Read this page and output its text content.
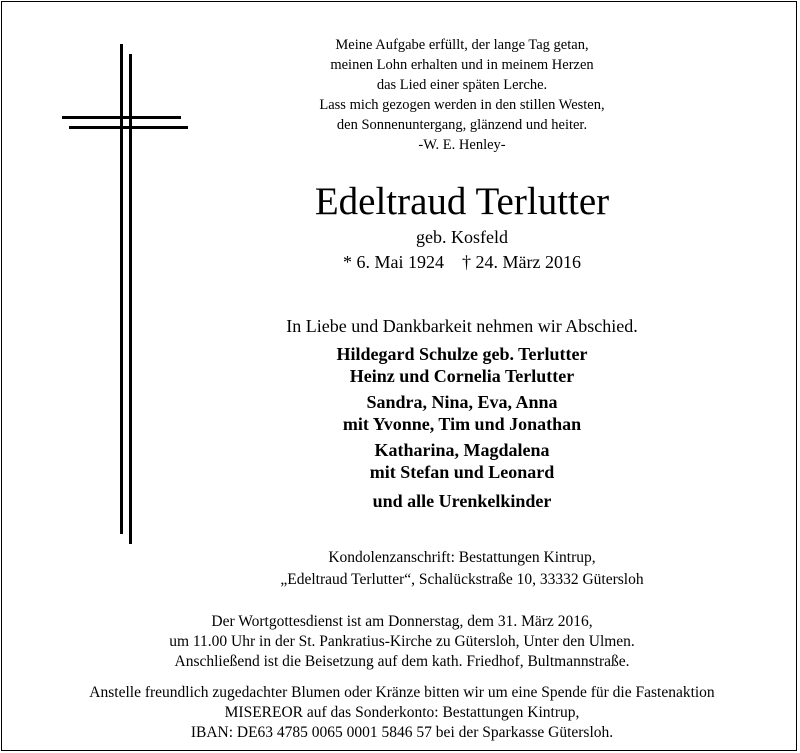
Meine Aufgabe erfüllt, der lange Tag getan,
meinen Lohn erhalten und in meinem Herzen
das Lied einer späten Lerche.
Lass mich gezogen werden in den stillen Westen,
den Sonnenuntergang, glänzend und heiter.
-W. E. Henley-
Edeltraud Terlutter
geb. Kosfeld
* 6. Mai 1924 † 24. März 2016
In Liebe und Dankbarkeit nehmen wir Abschied.
Hildegard Schulze geb. Terlutter
Heinz und Cornelia Terlutter
Sandra, Nina, Eva, Anna
mit Yvonne, Tim und Jonathan
Katharina, Magdalena
mit Stefan und Leonard
und alle Urenkelkinder
Kondolenzanschrift: Bestattungen Kintrup,
„Edeltraud Terlutter“, Schalückstraße 10, 33332 Gütersloh
Der Wortgottesdienst ist am Donnerstag, dem 31. März 2016,
um 11.00 Uhr in der St. Pankratius-Kirche zu Gütersloh, Unter den Ulmen.
Anschließend ist die Beisetzung auf dem kath. Friedhof, Bultmannstraße.
Anstelle freundlich zugedachter Blumen oder Kränze bitten wir um eine Spende für die Fastenaktion
MISEREOR auf das Sonderkonto: Bestattungen Kintrup,
IBAN: DE63 4785 0065 0001 5846 57 bei der Sparkasse Gütersloh.
